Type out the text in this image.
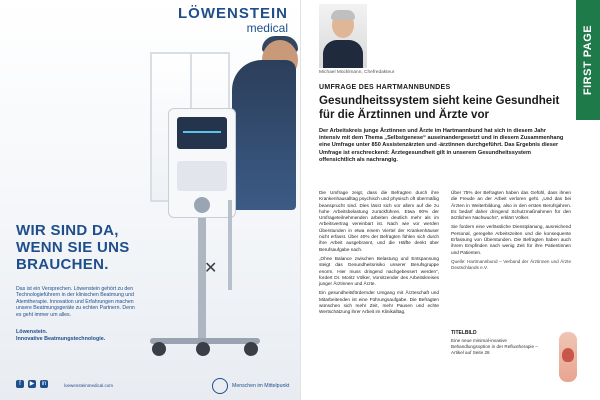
LÖWENSTEIN
medical
✕
WIR SIND DA, WENN SIE UNS BRAUCHEN.

Das ist ein Versprechen. Löwenstein gehört zu den Technologieführern in der klinischen Beatmung und Atemtherapie. Innovation und Erfahrungen machen unsere Beatmungsgeräte zu echten Partnern. Denn es geht immer um alles.

Löwenstein.
Innovative Beatmungstechnologie.
f	▶ in	loewensteinmedical.com	Menschen im Mittelpunkt
FIRST PAGE
Michael Mücklmann, Chefredakteur
UMFRAGE DES HARTMANNBUNDES
Gesundheitssystem sieht keine Gesundheit für die Ärztinnen und Ärzte vor

Der Arbeitskreis junge Ärztinnen und Ärzte im Hartmannbund hat sich in diesem Jahr intensiv mit dem Thema „Selbstgenese“ auseinandergesetzt und in diesem Zusammenhang eine Umfrage unter 850 Assistenzärzten und -ärztinnen durchgeführt. Das Ergebnis dieser Umfrage ist erschreckend: Ärztegesundheit gilt in unserem Gesundheitssystem offensichtlich als nachrangig.

Die Umfrage zeigt, dass die Befragten durch ihre Krankenhausalltag psychisch und physisch oft übermäßig beansprucht sind. Dies lässt sich vor allem auf die zu hohe Arbeitsbelastung zurückführen. Etwa 90% der Umfrageteilnehmenden arbeiten deutlich mehr als im Arbeitsvertrag vereinbart ist. Nach wie vor werden Überstunden in etwa einem Viertel der Krankenhäuser nicht erfasst. Über 40% der Befragten fühlen sich durch ihre Arbeit ausgebrannt, und die Hälfte denkt über Berufsaufgabe nach.

„Ohne Balance zwischen Belastung und Entspannung steigt das Gesundheitsrisiko unserer Berufsgruppe enorm. Hier muss dringend nachgebessert werden“, fordert Dr. Moritz Völker, Vorsitzender des Arbeitskreises junger Ärztinnen und Ärzte.

Ein gesundheitsfördernder Umgang mit Ärzteschaft und Mitarbeitenden ist eine Führungsaufgabe. Die Befragten wünschen sich mehr Zeit, mehr Pausen und echte Wertschätzung ihrer Arbeit im Klinikalltag.

Über 75% der Befragten haben das Gefühl, dass ihnen die Freude an der Arbeit verloren geht. „Und das bei Ärzten in Weiterbildung, also in den ersten Berufsjahren. Es bedarf daher dringend Schutzmaßnahmen für den ärztlichen Nachwuchs“, erklärt Völker.

Sie fordern eine verlässliche Dienstplanung, ausreichend Personal, geregelte Arbeitszeiten und die konsequente Erfassung von Überstunden. Die Befragten haben auch ihrem Empfinden nach wenig Zeit für ihre Patientinnen und Patienten.

Quelle: Hartmannbund – Verband der Ärztinnen und Ärzte Deutschlands e.V.

TITELBILD
Eine neue minimal-invasive Behandlungsoption in der Refluxtherapie – Artikel auf Seite 28
